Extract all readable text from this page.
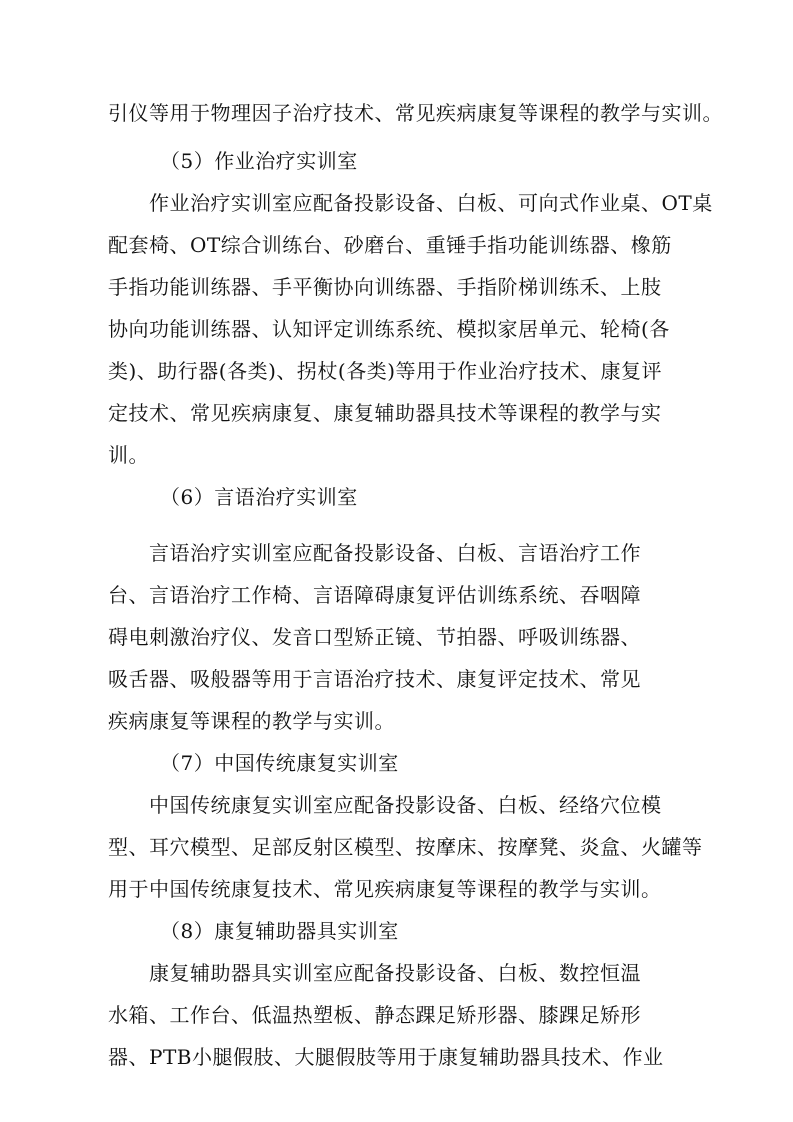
引仪等用于物理因子治疗技术、常见疾病康复等课程的教学与实训。
（5）作业治疗实训室
　　作业治疗实训室应配备投影设备、白板、可向式作业桌、OT桌
配套椅、OT综合训练台、砂磨台、重锤手指功能训练器、橡筋
手指功能训练器、手平衡协向训练器、手指阶梯训练禾、上肢
协向功能训练器、认知评定训练系统、模拟家居单元、轮椅(各
类)、助行器(各类)、拐杖(各类)等用于作业治疗技术、康复评
定技术、常见疾病康复、康复辅助器具技术等课程的教学与实
训。
（6）言语治疗实训室
　　言语治疗实训室应配备投影设备、白板、言语治疗工作
台、言语治疗工作椅、言语障碍康复评估训练系统、吞咽障
碍电刺激治疗仪、发音口型矫正镜、节拍器、呼吸训练器、
吸舌器、吸般器等用于言语治疗技术、康复评定技术、常见
疾病康复等课程的教学与实训。
（7）中国传统康复实训室
　　中国传统康复实训室应配备投影设备、白板、经络穴位模
型、耳穴模型、足部反射区模型、按摩床、按摩凳、炎盒、火罐等
用于中国传统康复技术、常见疾病康复等课程的教学与实训。
（8）康复辅助器具实训室
　　康复辅助器具实训室应配备投影设备、白板、数控恒温
水箱、工作台、低温热塑板、静态踝足矫形器、膝踝足矫形
器、PTB小腿假肢、大腿假肢等用于康复辅助器具技术、作业
